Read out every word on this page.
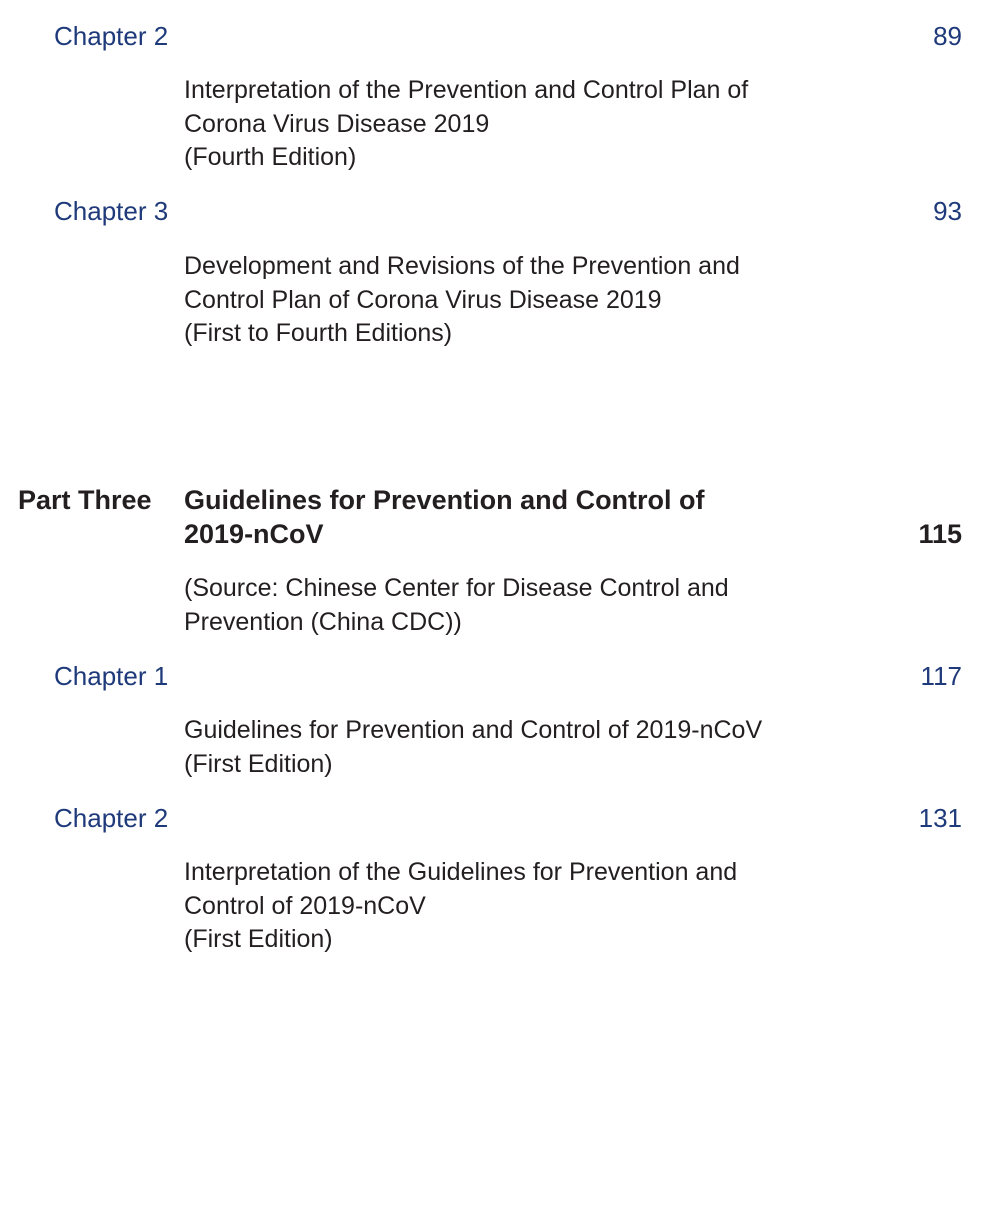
Chapter 2	89
Interpretation of the Prevention and Control Plan of
Corona Virus Disease 2019
(Fourth Edition)
Chapter 3	93
Development and Revisions of the Prevention and
Control Plan of Corona Virus Disease 2019
(First to Fourth Editions)
Part Three Guidelines for Prevention and Control of
2019-nCoV	115
(Source: Chinese Center for Disease Control and
Prevention (China CDC))
Chapter 1	117
Guidelines for Prevention and Control of 2019-nCoV
(First Edition)
Chapter 2	131
Interpretation of the Guidelines for Prevention and
Control of 2019-nCoV
(First Edition)
